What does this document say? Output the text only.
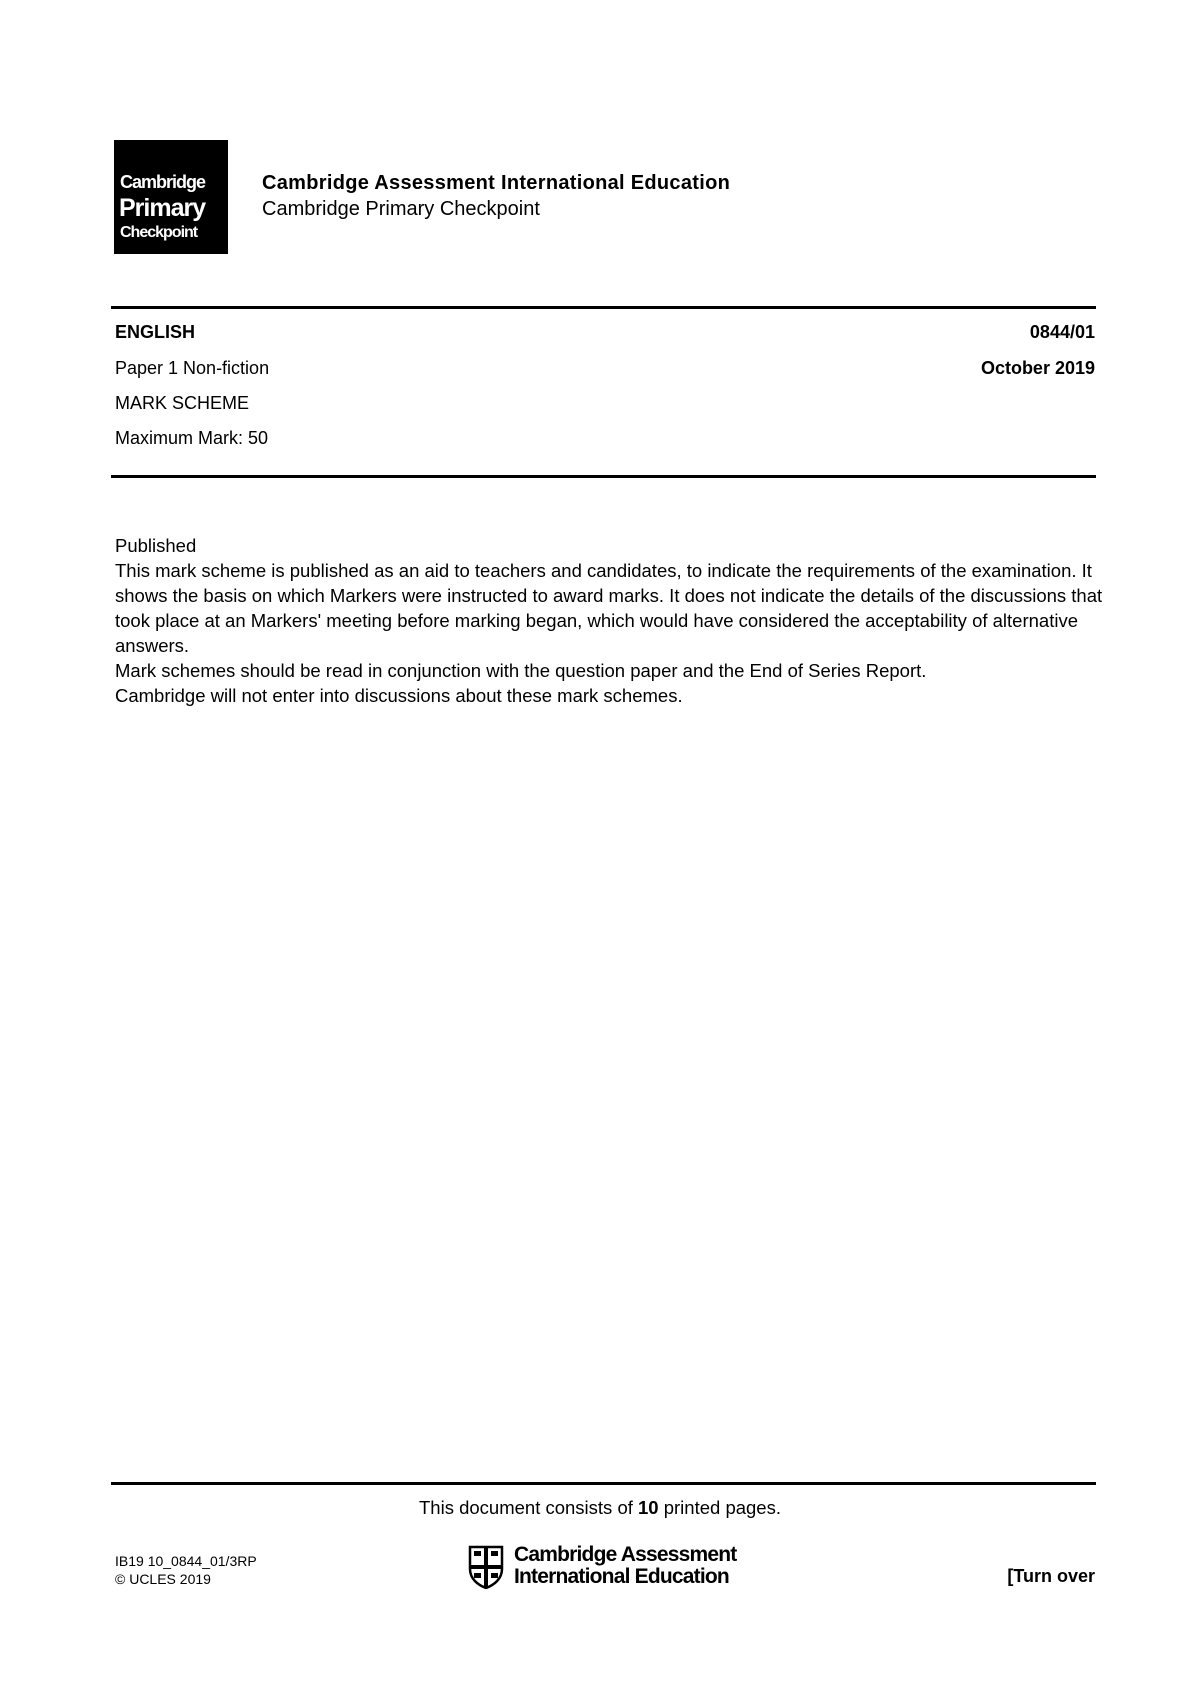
Cambridge
Primary
Checkpoint
Cambridge Assessment International Education
Cambridge Primary Checkpoint
ENGLISH	0844/01
Paper 1 Non-fiction	October 2019
MARK SCHEME
Maximum Mark: 50

Published

This mark scheme is published as an aid to teachers and candidates, to indicate the requirements of the examination. It shows the basis on which Markers were instructed to award marks. It does not indicate the details of the discussions that took place at an Markers' meeting before marking began, which would have considered the acceptability of alternative answers.

Mark schemes should be read in conjunction with the question paper and the End of Series Report.

Cambridge will not enter into discussions about these mark schemes.

This document consists of 10 printed pages.
IB19 10_0844_01/3RP
© UCLES 2019
Cambridge Assessment
International Education	[Turn over
